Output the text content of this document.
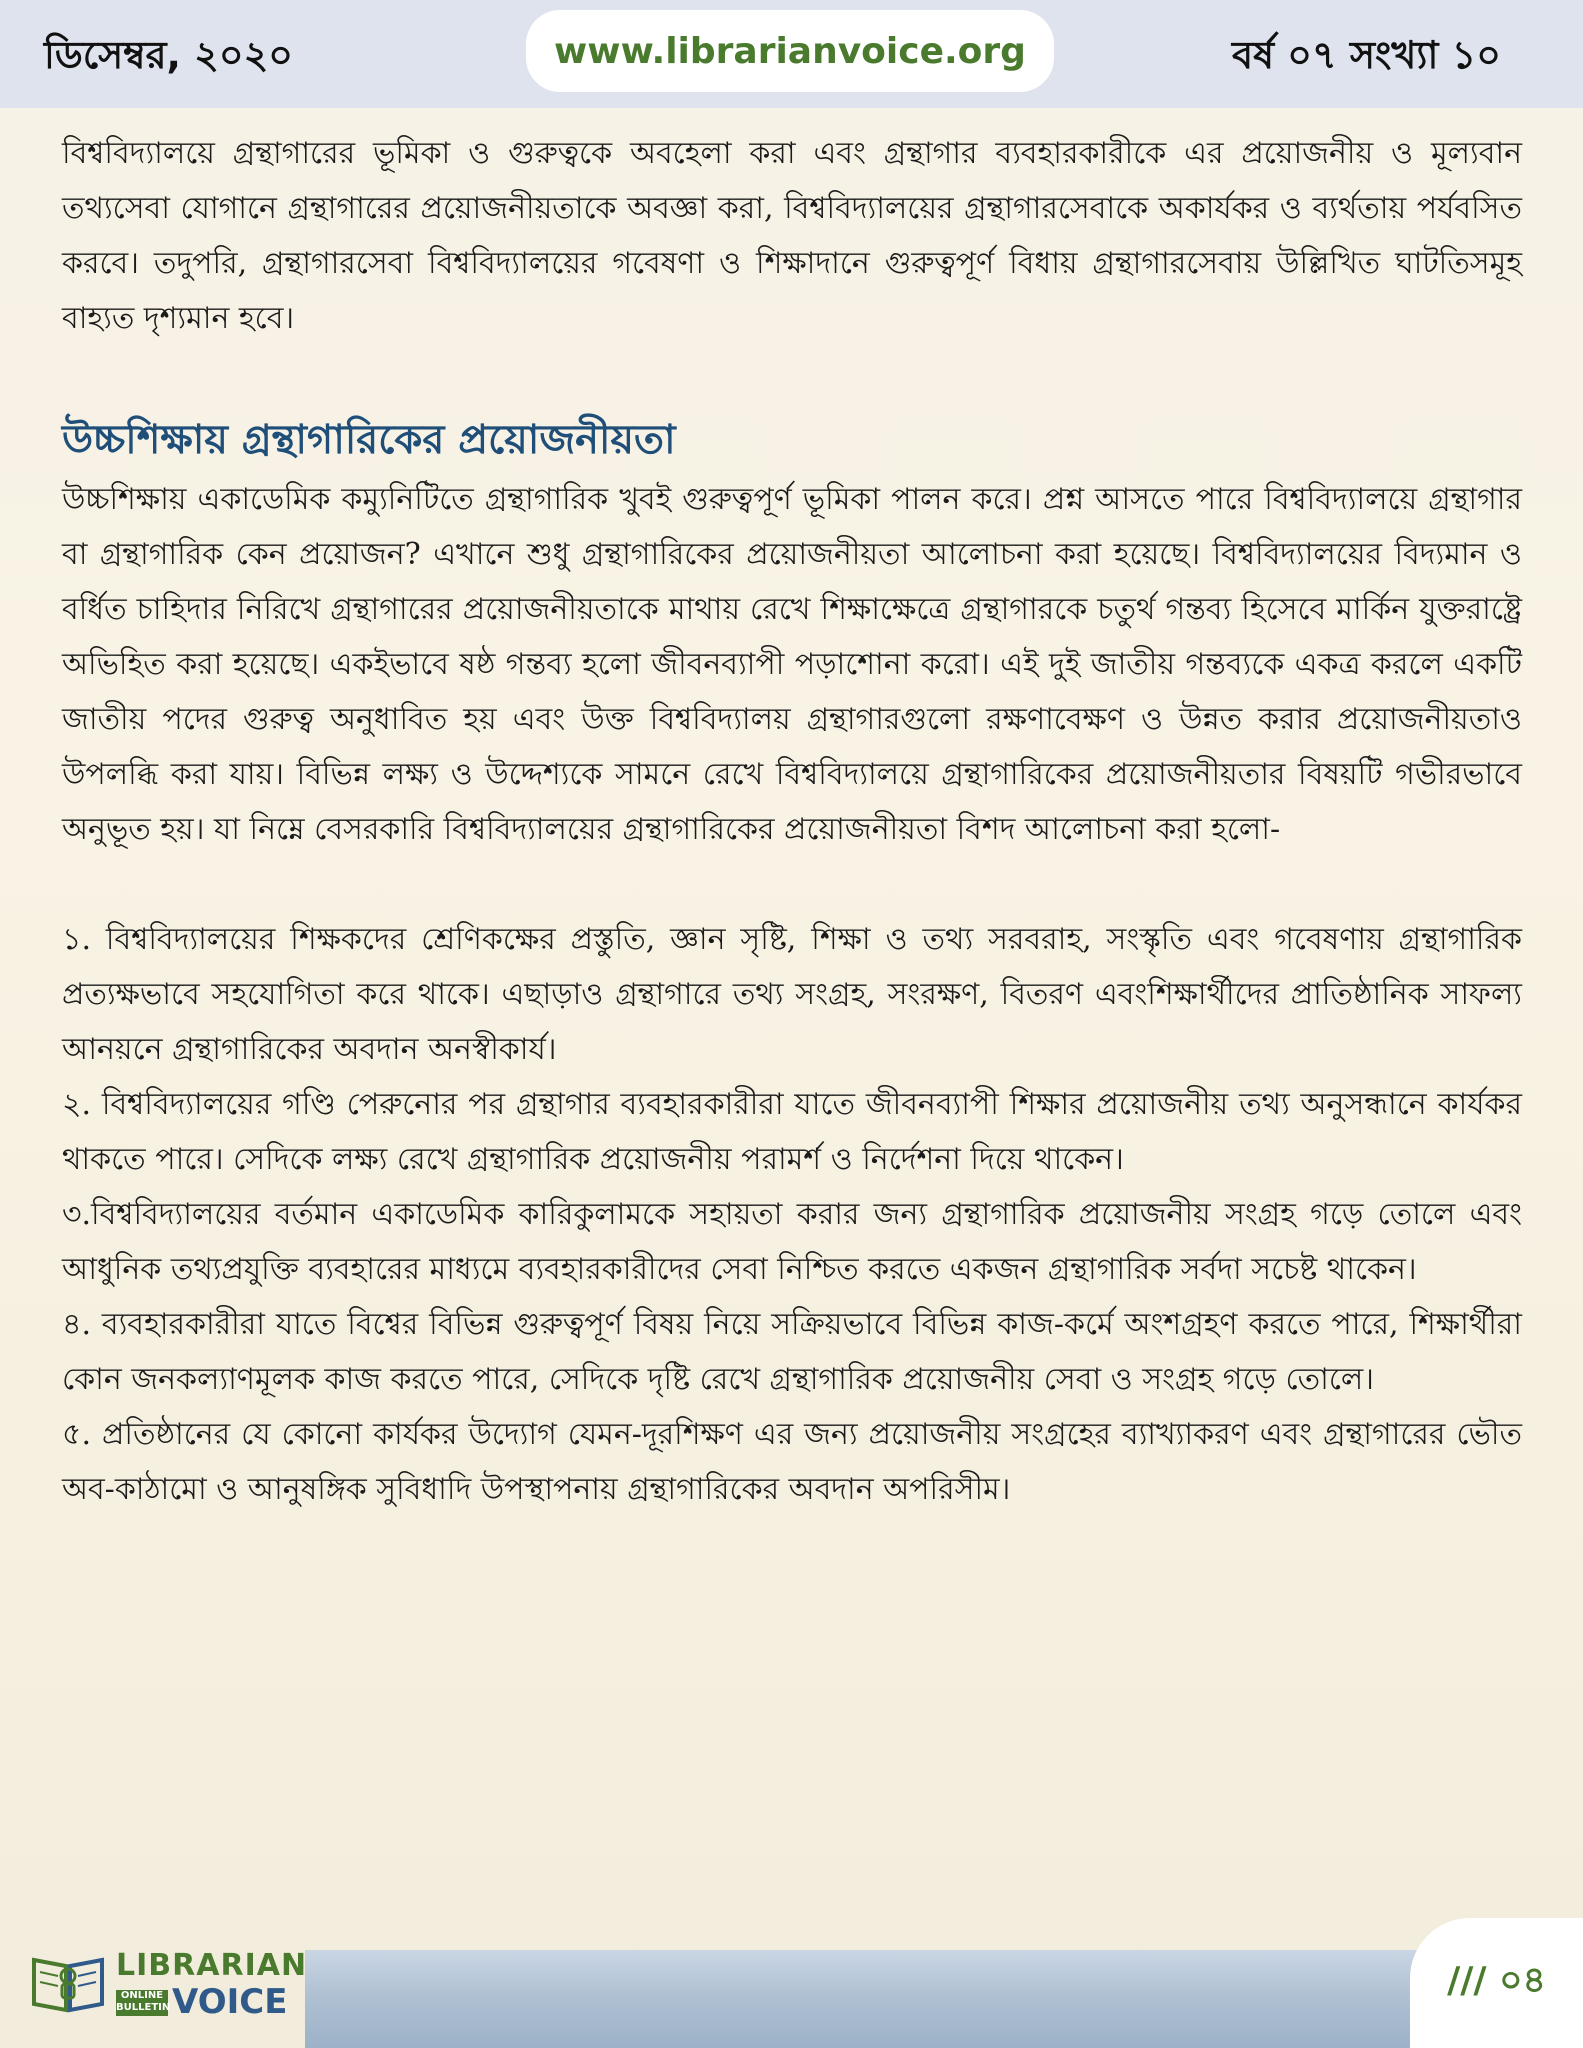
ডিসেম্বর, ২০২০	www.librarianvoice.org	বর্ষ ০৭ সংখ্যা ১০

বিশ্ববিদ্যালয়ে গ্রন্থাগারের ভূমিকা ও গুরুত্বকে অবহেলা করা এবং গ্রন্থাগার ব্যবহারকারীকে এর প্রয়োজনীয় ও মূল্যবান তথ্যসেবা যোগানে গ্রন্থাগারের প্রয়োজনীয়তাকে অবজ্ঞা করা, বিশ্ববিদ্যালয়ের গ্রন্থাগারসেবাকে অকার্যকর ও ব্যর্থতায় পর্যবসিত করবে। তদুপরি, গ্রন্থাগারসেবা বিশ্ববিদ্যালয়ের গবেষণা ও শিক্ষাদানে গুরুত্বপূর্ণ বিধায় গ্রন্থাগারসেবায় উল্লিখিত ঘাটতিসমূহ বাহ্যত দৃশ্যমান হবে।

উচ্চশিক্ষায় গ্রন্থাগারিকের প্রয়োজনীয়তা

উচ্চশিক্ষায় একাডেমিক কম্যুনিটিতে গ্রন্থাগারিক খুবই গুরুত্বপূর্ণ ভূমিকা পালন করে। প্রশ্ন আসতে পারে বিশ্ববিদ্যালয়ে গ্রন্থাগার বা গ্রন্থাগারিক কেন প্রয়োজন? এখানে শুধু গ্রন্থাগারিকের প্রয়োজনীয়তা আলোচনা করা হয়েছে। বিশ্ববিদ্যালয়ের বিদ্যমান ও বর্ধিত চাহিদার নিরিখে গ্রন্থাগারের প্রয়োজনীয়তাকে মাথায় রেখে শিক্ষাক্ষেত্রে গ্রন্থাগারকে চতুর্থ গন্তব্য হিসেবে মার্কিন যুক্তরাষ্ট্রে অভিহিত করা হয়েছে। একইভাবে ষষ্ঠ গন্তব্য হলো জীবনব্যাপী পড়াশোনা করো। এই দুই জাতীয় গন্তব্যকে একত্র করলে একটি জাতীয় পদের গুরুত্ব অনুধাবিত হয় এবং উক্ত বিশ্ববিদ্যালয় গ্রন্থাগারগুলো রক্ষণাবেক্ষণ ও উন্নত করার প্রয়োজনীয়তাও উপলব্ধি করা যায়। বিভিন্ন লক্ষ্য ও উদ্দেশ্যকে সামনে রেখে বিশ্ববিদ্যালয়ে গ্রন্থাগারিকের প্রয়োজনীয়তার বিষয়টি গভীরভাবে অনুভূত হয়। যা নিম্নে বেসরকারি বিশ্ববিদ্যালয়ের গ্রন্থাগারিকের প্রয়োজনীয়তা বিশদ আলোচনা করা হলো-

১. বিশ্ববিদ্যালয়ের শিক্ষকদের শ্রেণিকক্ষের প্রস্তুতি, জ্ঞান সৃষ্টি, শিক্ষা ও তথ্য সরবরাহ, সংস্কৃতি এবং গবেষণায় গ্রন্থাগারিক প্রত্যক্ষভাবে সহযোগিতা করে থাকে। এছাড়াও গ্রন্থাগারে তথ্য সংগ্রহ, সংরক্ষণ, বিতরণ এবংশিক্ষার্থীদের প্রাতিষ্ঠানিক সাফল্য আনয়নে গ্রন্থাগারিকের অবদান অনস্বীকার্য।

২. বিশ্ববিদ্যালয়ের গণ্ডি পেরুনোর পর গ্রন্থাগার ব্যবহারকারীরা যাতে জীবনব্যাপী শিক্ষার প্রয়োজনীয় তথ্য অনুসন্ধানে কার্যকর থাকতে পারে। সেদিকে লক্ষ্য রেখে গ্রন্থাগারিক প্রয়োজনীয় পরামর্শ ও নির্দেশনা দিয়ে থাকেন।

৩.বিশ্ববিদ্যালয়ের বর্তমান একাডেমিক কারিকুলামকে সহায়তা করার জন্য গ্রন্থাগারিক প্রয়োজনীয় সংগ্রহ গড়ে তোলে এবং আধুনিক তথ্যপ্রযুক্তি ব্যবহারের মাধ্যমে ব্যবহারকারীদের সেবা নিশ্চিত করতে একজন গ্রন্থাগারিক সর্বদা সচেষ্ট থাকেন।

৪. ব্যবহারকারীরা যাতে বিশ্বের বিভিন্ন গুরুত্বপূর্ণ বিষয় নিয়ে সক্রিয়ভাবে বিভিন্ন কাজ-কর্মে অংশগ্রহণ করতে পারে, শিক্ষার্থীরা কোন জনকল্যাণমূলক কাজ করতে পারে, সেদিকে দৃষ্টি রেখে গ্রন্থাগারিক প্রয়োজনীয় সেবা ও সংগ্রহ গড়ে তোলে।

৫. প্রতিষ্ঠানের যে কোনো কার্যকর উদ্যোগ যেমন-দূরশিক্ষণ এর জন্য প্রয়োজনীয় সংগ্রহের ব্যাখ্যাকরণ এবং গ্রন্থাগারের ভৌত অব-কাঠামো ও আনুষঙ্গিক সুবিধাদি উপস্থাপনায় গ্রন্থাগারিকের অবদান অপরিসীম।

LIBRARIAN
ONLINE
BULLETIN VOICE
/// ০৪
